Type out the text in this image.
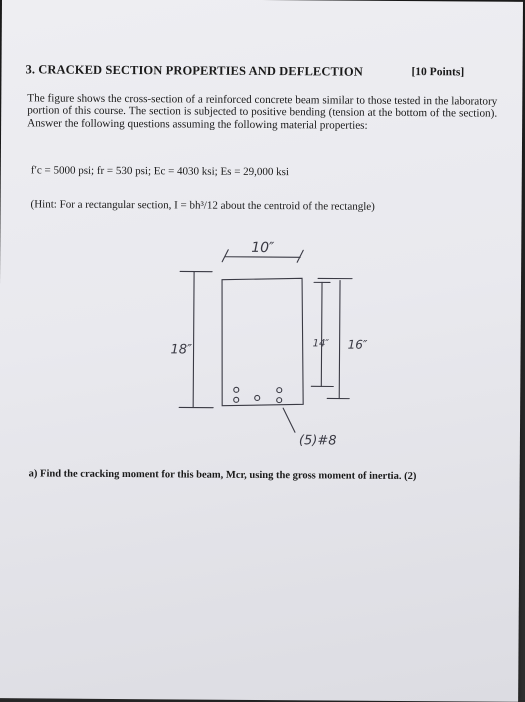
3. CRACKED SECTION PROPERTIES AND DEFLECTION	[10 Points]
The figure shows the cross-section of a reinforced concrete beam similar to those tested in the laboratory portion of this course. The section is subjected to positive bending (tension at the bottom of the section). Answer the following questions assuming the following material properties:
f′c = 5000 psi; fr = 530 psi; Ec = 4030 ksi; Es = 29,000 ksi
(Hint: For a rectangular section, I = bh³/12 about the centroid of the rectangle)
10″
18″	14″ 16″
(5)#8
a) Find the cracking moment for this beam, Mcr, using the gross moment of inertia. (2)
